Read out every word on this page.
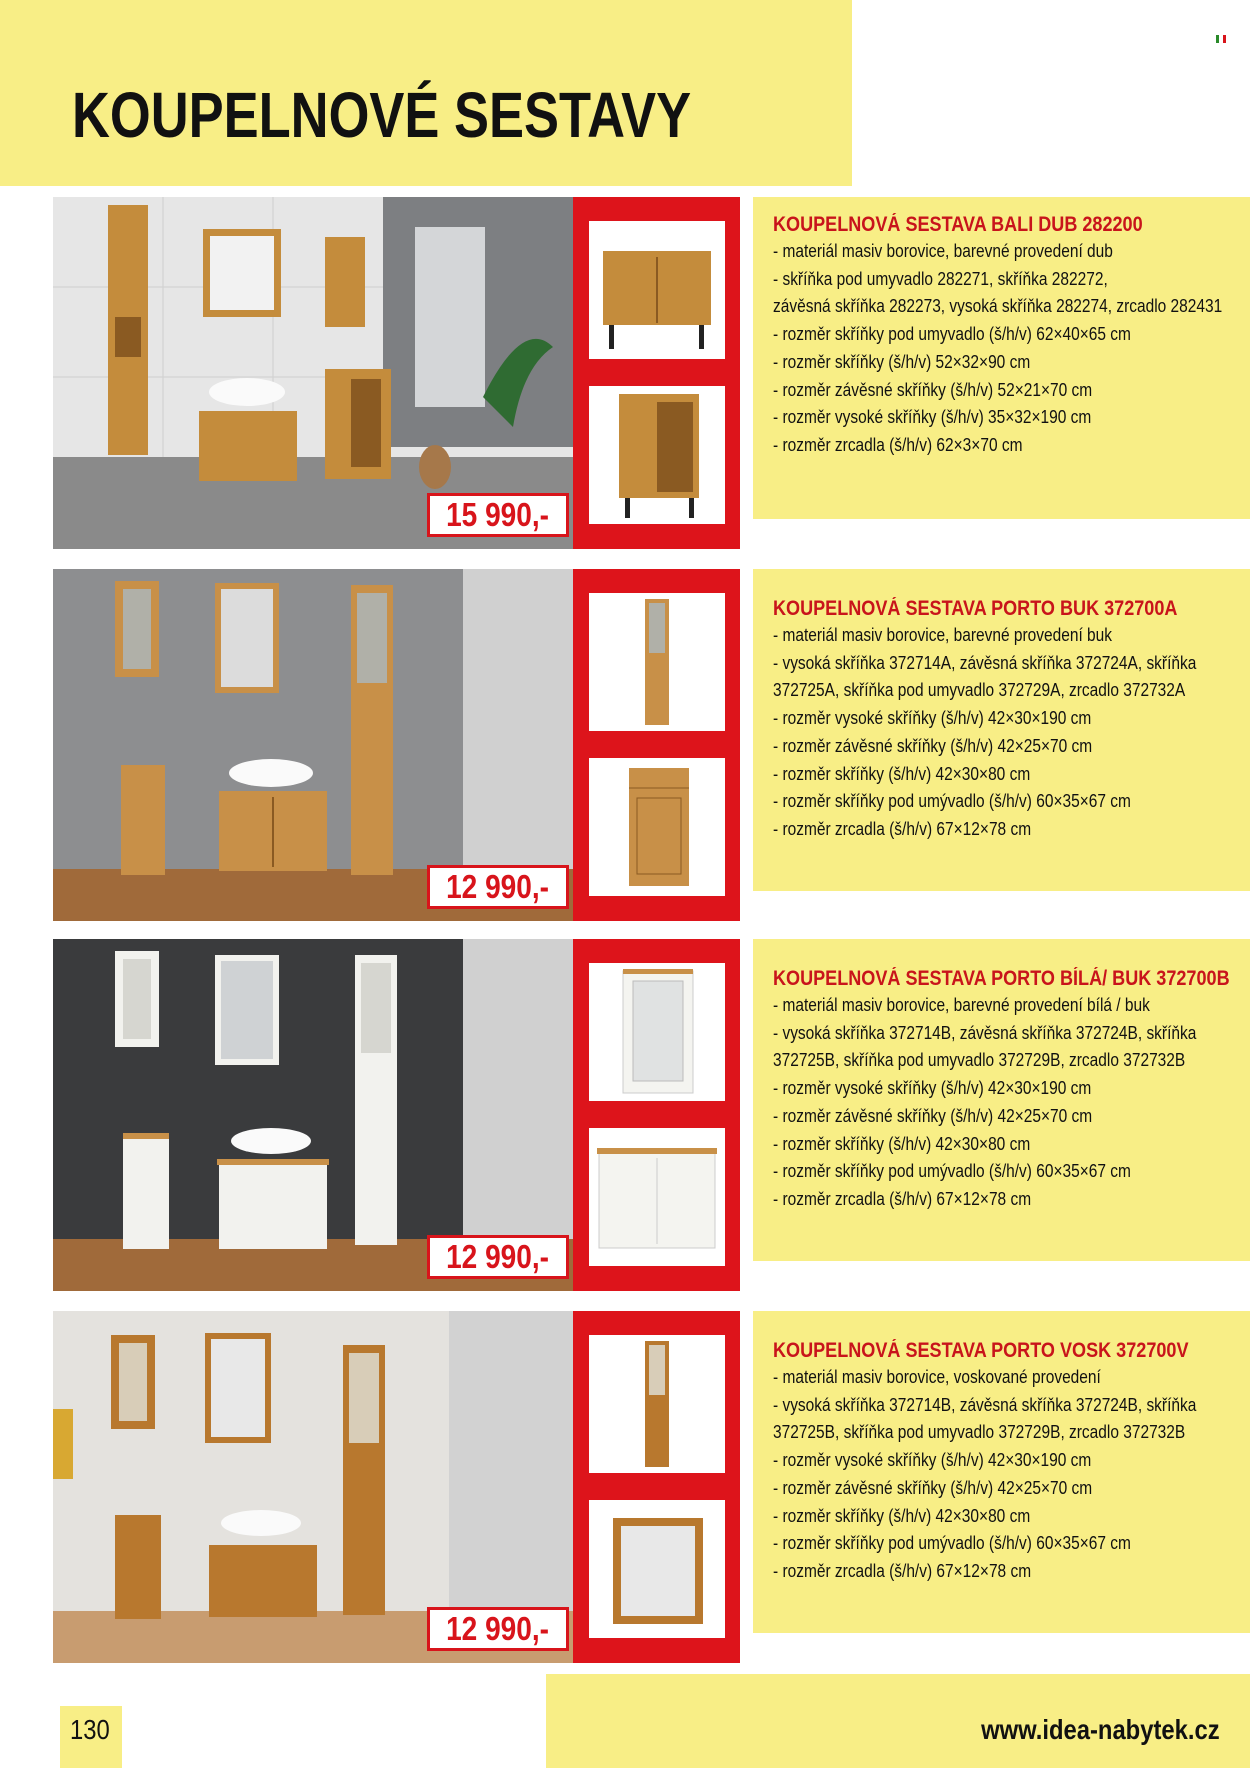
KOUPELNOVÉ SESTAVY
15 990,-
KOUPELNOVÁ SESTAVA BALI DUB 282200
- materiál masiv borovice, barevné provedení dub
- skříňka pod umyvadlo 282271, skříňka 282272,
závěsná skříňka 282273, vysoká skříňka 282274, zrcadlo 282431
- rozměr skříňky pod umyvadlo (š/h/v) 62×40×65 cm
- rozměr skříňky (š/h/v) 52×32×90 cm
- rozměr závěsné skříňky (š/h/v) 52×21×70 cm
- rozměr vysoké skříňky (š/h/v) 35×32×190 cm
- rozměr zrcadla (š/h/v) 62×3×70 cm
12 990,-
KOUPELNOVÁ SESTAVA PORTO BUK 372700A
- materiál masiv borovice, barevné provedení buk
- vysoká skříňka 372714A, závěsná skříňka 372724A, skříňka
372725A, skříňka pod umyvadlo 372729A, zrcadlo 372732A
- rozměr vysoké skříňky (š/h/v) 42×30×190 cm
- rozměr závěsné skříňky (š/h/v) 42×25×70 cm
- rozměr skříňky (š/h/v) 42×30×80 cm
- rozměr skříňky pod umývadlo (š/h/v) 60×35×67 cm
- rozměr zrcadla (š/h/v) 67×12×78 cm
12 990,-
KOUPELNOVÁ SESTAVA PORTO BÍLÁ/ BUK 372700B
- materiál masiv borovice, barevné provedení bílá / buk
- vysoká skříňka 372714B, závěsná skříňka 372724B, skříňka
372725B, skříňka pod umyvadlo 372729B, zrcadlo 372732B
- rozměr vysoké skříňky (š/h/v) 42×30×190 cm
- rozměr závěsné skříňky (š/h/v) 42×25×70 cm
- rozměr skříňky (š/h/v) 42×30×80 cm
- rozměr skříňky pod umývadlo (š/h/v) 60×35×67 cm
- rozměr zrcadla (š/h/v) 67×12×78 cm
12 990,-
KOUPELNOVÁ SESTAVA PORTO VOSK 372700V
- materiál masiv borovice, voskované provedení
- vysoká skříňka 372714B, závěsná skříňka 372724B, skříňka
372725B, skříňka pod umyvadlo 372729B, zrcadlo 372732B
- rozměr vysoké skříňky (š/h/v) 42×30×190 cm
- rozměr závěsné skříňky (š/h/v) 42×25×70 cm
- rozměr skříňky (š/h/v) 42×30×80 cm
- rozměr skříňky pod umývadlo (š/h/v) 60×35×67 cm
- rozměr zrcadla (š/h/v) 67×12×78 cm
130	www.idea-nabytek.cz
